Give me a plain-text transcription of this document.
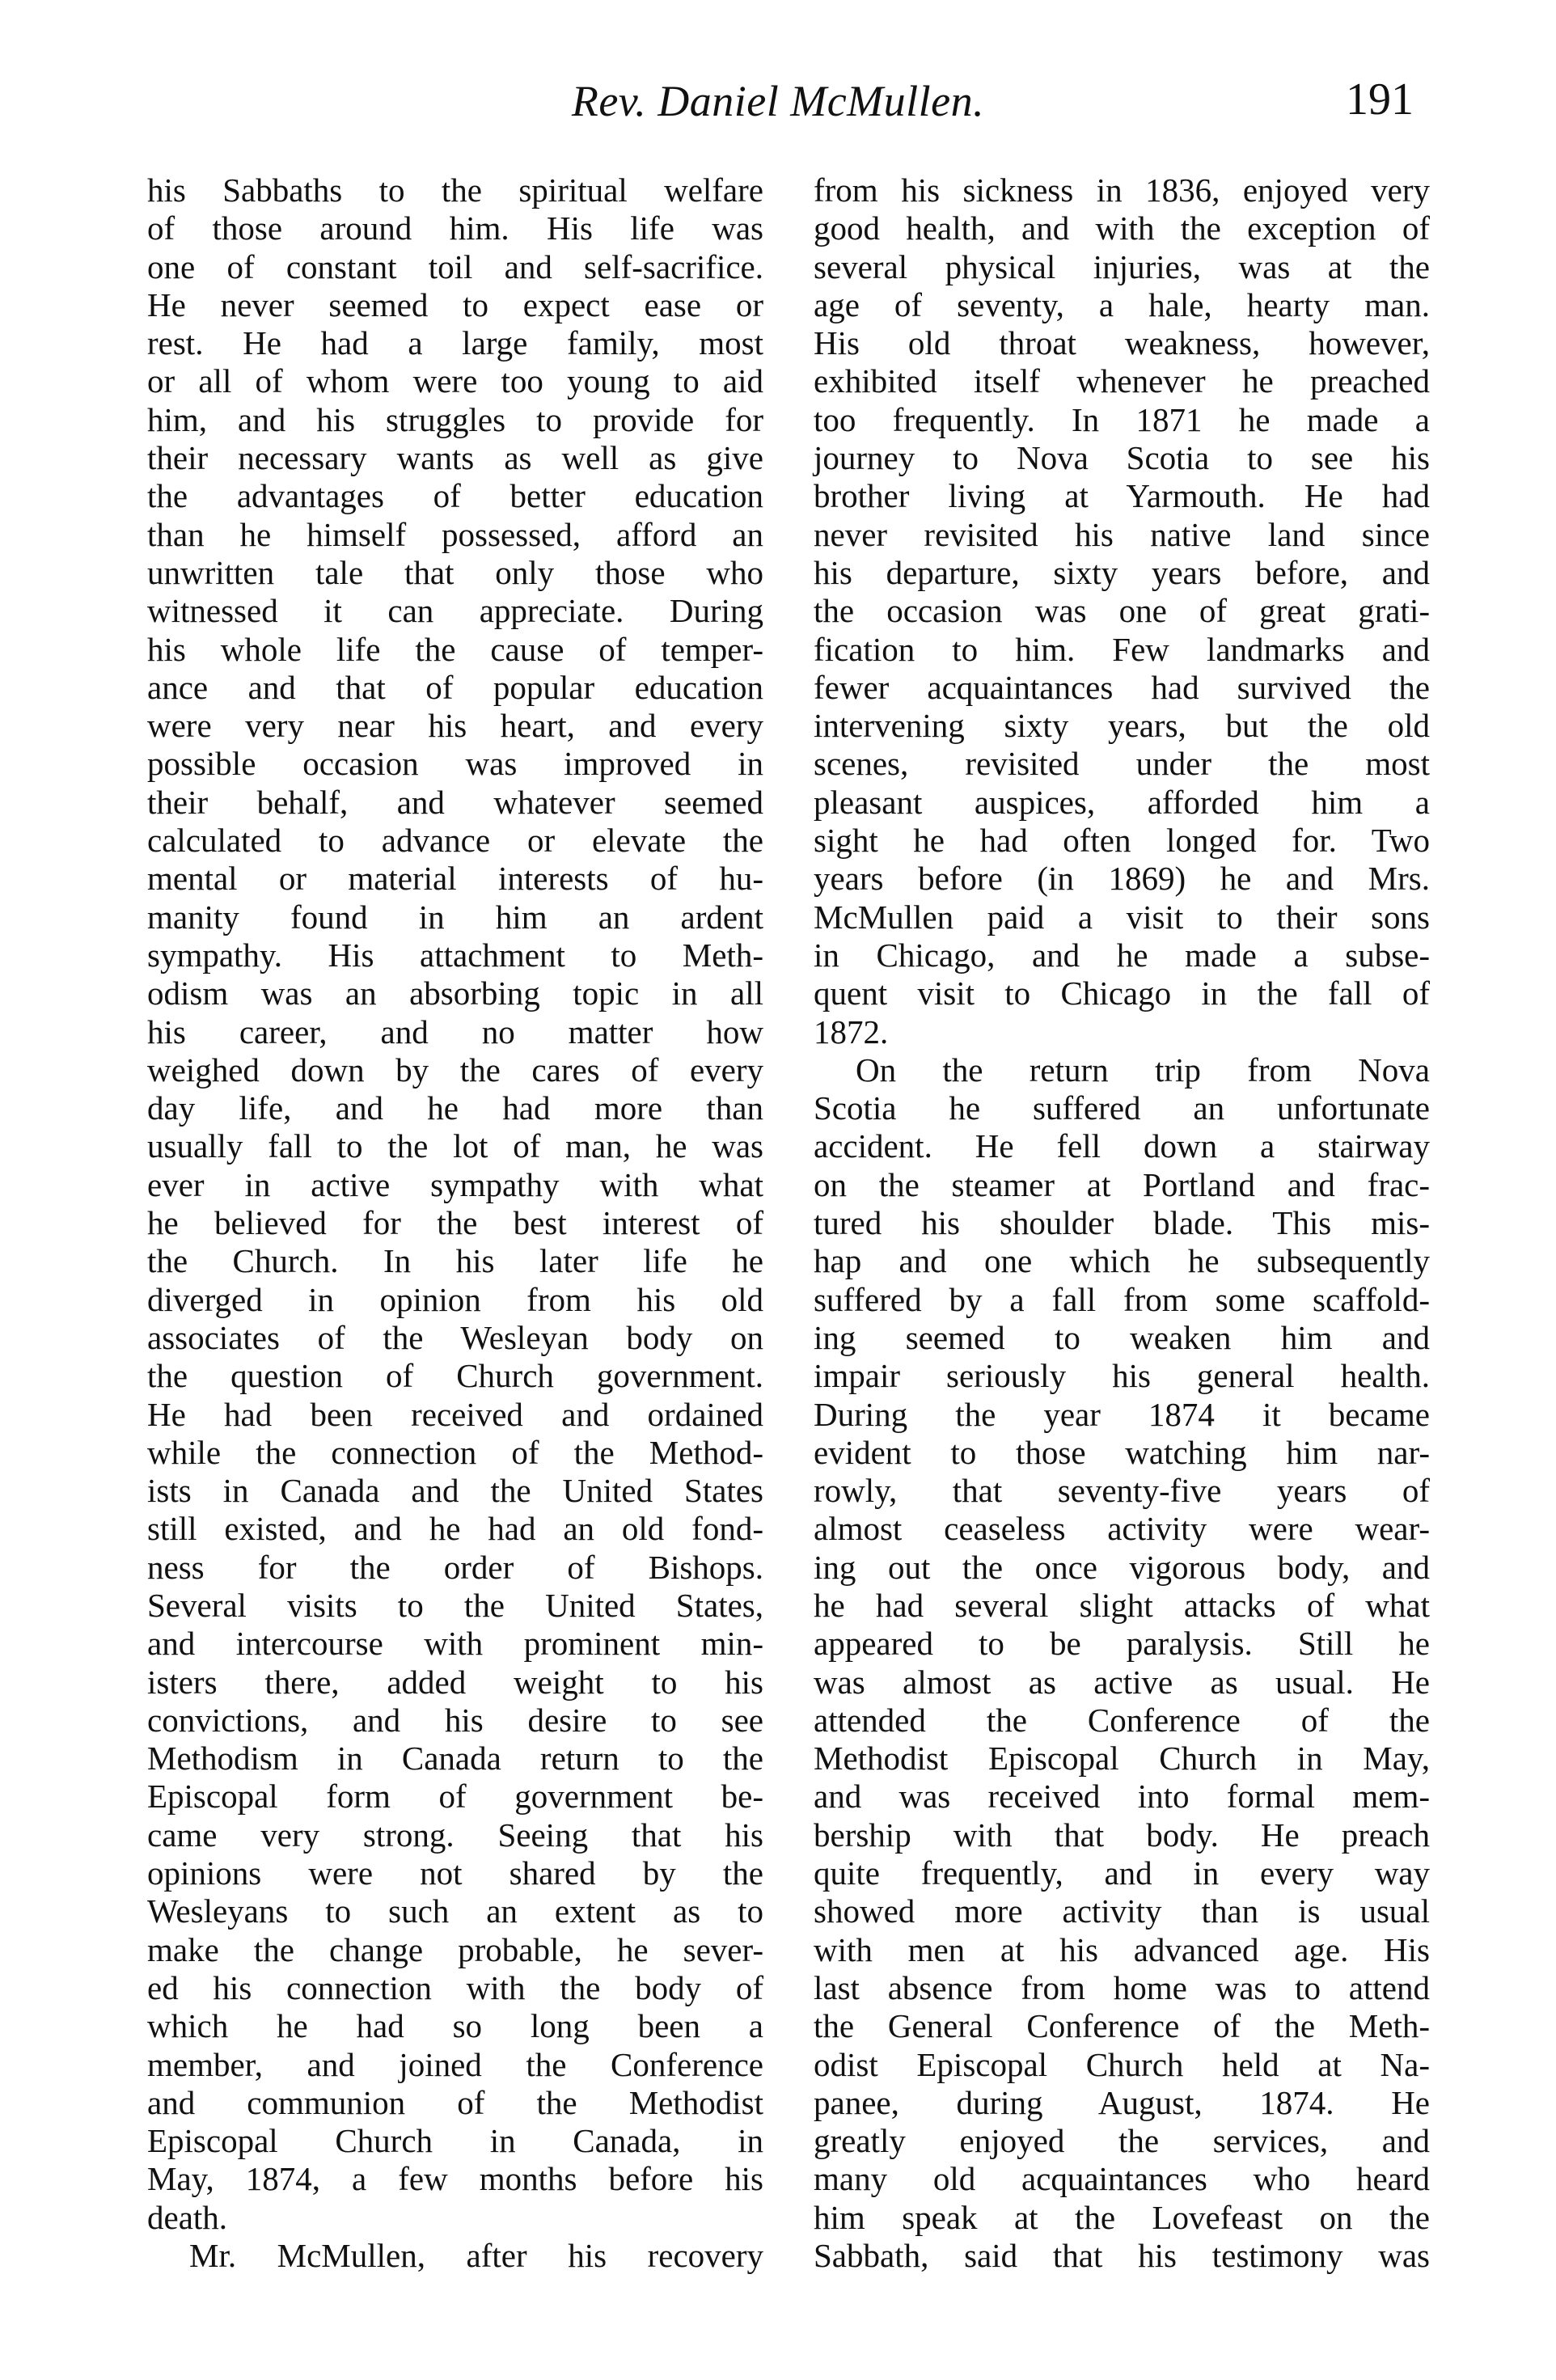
Rev. Daniel McMullen.	191
his Sabbaths to the spiritual welfare
of those around him. His life was
one of constant toil and self-sacrifice.
He never seemed to expect ease or
rest. He had a large family, most
or all of whom were too young to aid
him, and his struggles to provide for
their necessary wants as well as give
the advantages of better education
than he himself possessed, afford an
unwritten tale that only those who
witnessed it can appreciate. During
his whole life the cause of temper-
ance and that of popular education
were very near his heart, and every
possible occasion was improved in
their behalf, and whatever seemed
calculated to advance or elevate the
mental or material interests of hu-
manity found in him an ardent
sympathy. His attachment to Meth-
odism was an absorbing topic in all
his career, and no matter how
weighed down by the cares of every
day life, and he had more than
usually fall to the lot of man, he was
ever in active sympathy with what
he believed for the best interest of
the Church. In his later life he
diverged in opinion from his old
associates of the Wesleyan body on
the question of Church government.
He had been received and ordained
while the connection of the Method-
ists in Canada and the United States
still existed, and he had an old fond-
ness for the order of Bishops.
Several visits to the United States,
and intercourse with prominent min-
isters there, added weight to his
convictions, and his desire to see
Methodism in Canada return to the
Episcopal form of government be-
came very strong. Seeing that his
opinions were not shared by the
Wesleyans to such an extent as to
make the change probable, he sever-
ed his connection with the body of
which he had so long been a
member, and joined the Conference
and communion of the Methodist
Episcopal Church in Canada, in
May, 1874, a few months before his
death.
Mr. McMullen, after his recovery
from his sickness in 1836, enjoyed very
good health, and with the exception of
several physical injuries, was at the
age of seventy, a hale, hearty man.
His old throat weakness, however,
exhibited itself whenever he preached
too frequently. In 1871 he made a
journey to Nova Scotia to see his
brother living at Yarmouth. He had
never revisited his native land since
his departure, sixty years before, and
the occasion was one of great grati-
fication to him. Few landmarks and
fewer acquaintances had survived the
intervening sixty years, but the old
scenes, revisited under the most
pleasant auspices, afforded him a
sight he had often longed for. Two
years before (in 1869) he and Mrs.
McMullen paid a visit to their sons
in Chicago, and he made a subse-
quent visit to Chicago in the fall of
1872.
On the return trip from Nova
Scotia he suffered an unfortunate
accident. He fell down a stairway
on the steamer at Portland and frac-
tured his shoulder blade. This mis-
hap and one which he subsequently
suffered by a fall from some scaffold-
ing seemed to weaken him and
impair seriously his general health.
During the year 1874 it became
evident to those watching him nar-
rowly, that seventy-five years of
almost ceaseless activity were wear-
ing out the once vigorous body, and
he had several slight attacks of what
appeared to be paralysis. Still he
was almost as active as usual. He
attended the Conference of the
Methodist Episcopal Church in May,
and was received into formal mem-
bership with that body. He preach
quite frequently, and in every way
showed more activity than is usual
with men at his advanced age. His
last absence from home was to attend
the General Conference of the Meth-
odist Episcopal Church held at Na-
panee, during August, 1874. He
greatly enjoyed the services, and
many old acquaintances who heard
him speak at the Lovefeast on the
Sabbath, said that his testimony was
